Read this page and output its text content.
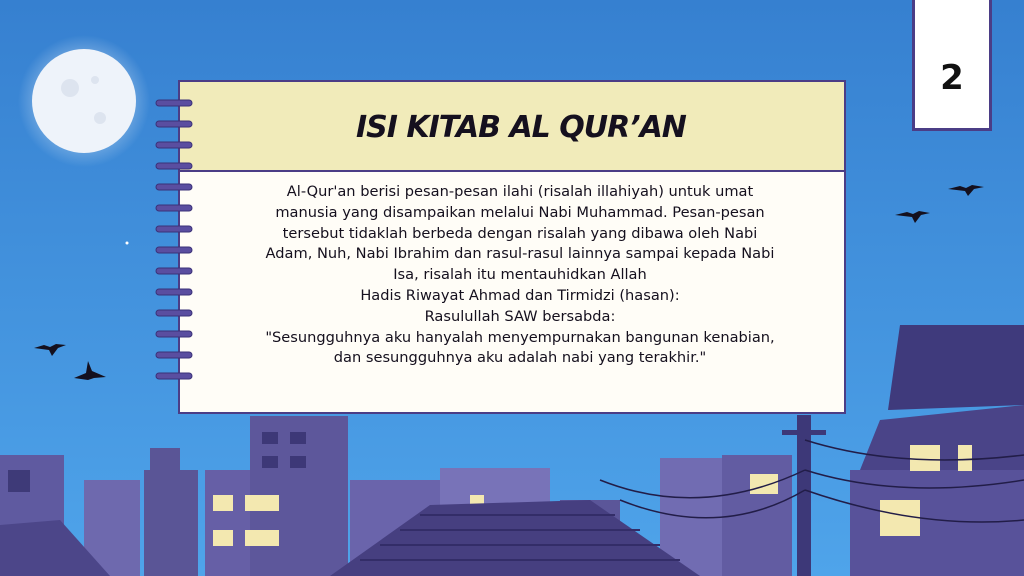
ISI KITAB AL QUR’AN
Al-Qur'an berisi pesan-pesan ilahi (risalah illahiyah) untuk umat
manusia yang disampaikan melalui Nabi Muhammad. Pesan-pesan
tersebut tidaklah berbeda dengan risalah yang dibawa oleh Nabi
Adam, Nuh, Nabi Ibrahim dan rasul-rasul lainnya sampai kepada Nabi
Isa, risalah itu mentauhidkan Allah
Hadis Riwayat Ahmad dan Tirmidzi (hasan):
Rasulullah SAW bersabda:
"Sesungguhnya aku hanyalah menyempurnakan bangunan kenabian,
dan sesungguhnya aku adalah nabi yang terakhir."
2
